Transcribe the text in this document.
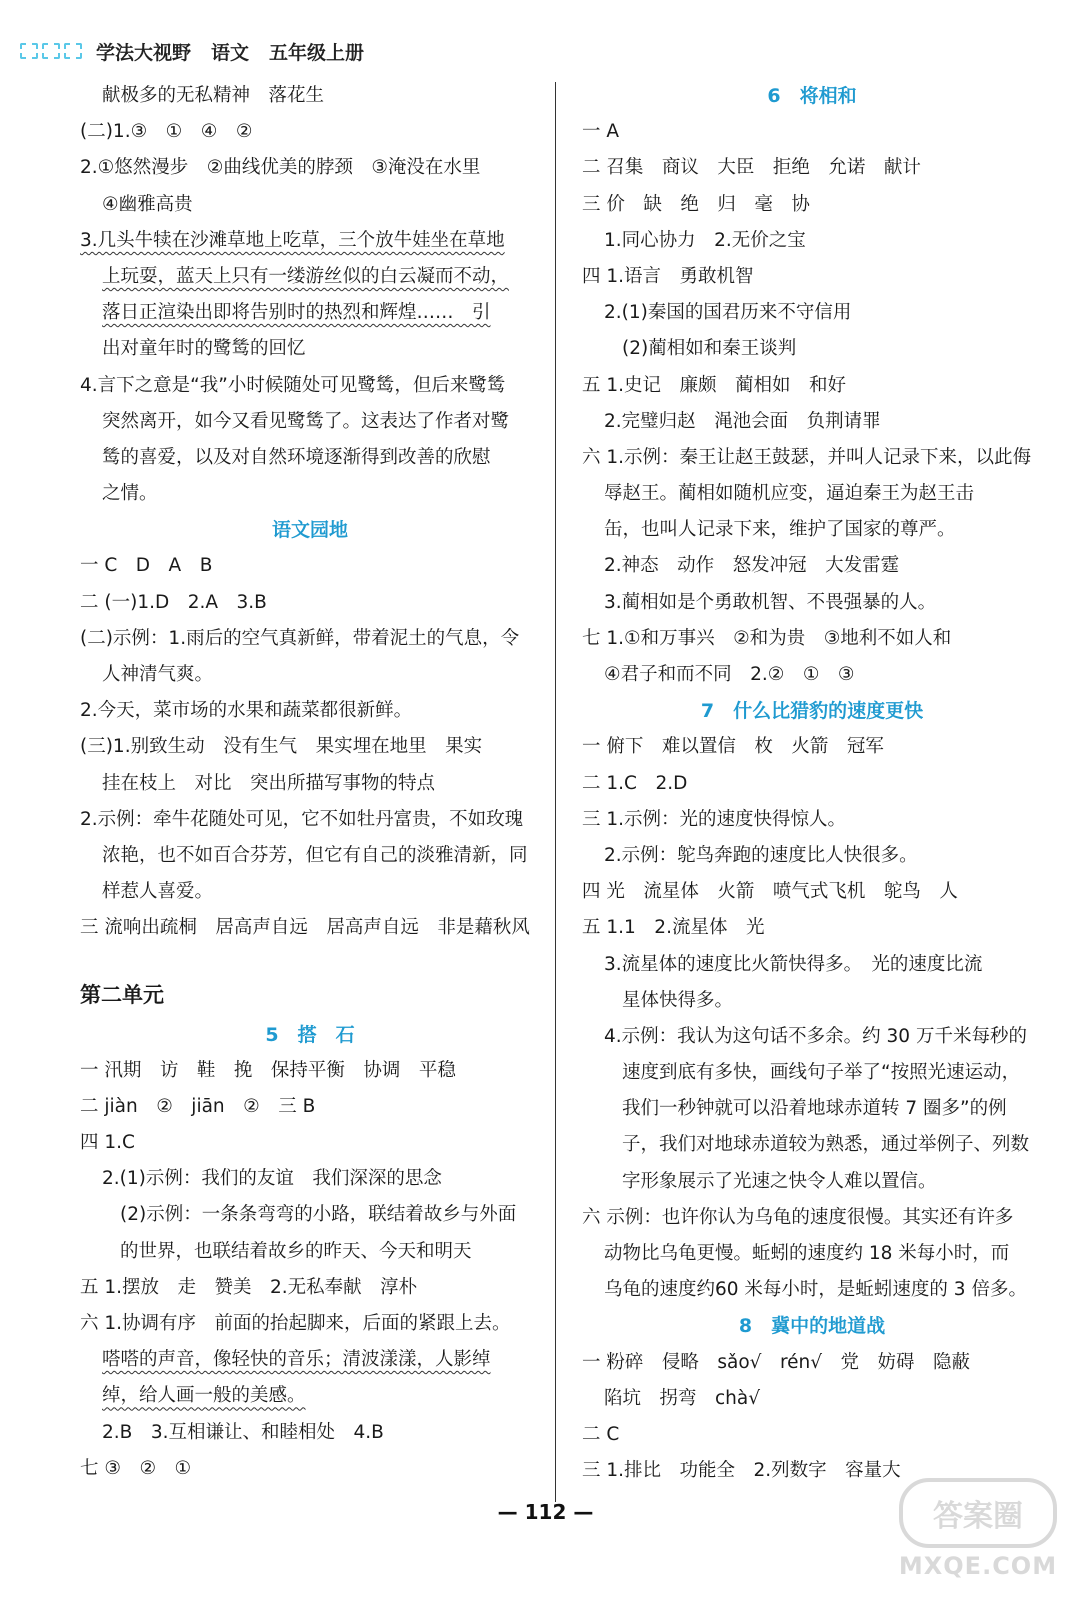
学法大视野 语文 五年级上册
献极多的无私精神　落花生
(二)1.③　①　④　②
2.①悠然漫步　②曲线优美的脖颈　③淹没在水里
④幽雅高贵
3.几头牛犊在沙滩草地上吃草，三个放牛娃坐在草地
上玩耍，蓝天上只有一缕游丝似的白云凝而不动，
落日正渲染出即将告别时的热烈和辉煌……　引
出对童年时的鹭鸶的回忆
4.言下之意是“我”小时候随处可见鹭鸶，但后来鹭鸶
突然离开，如今又看见鹭鸶了。这表达了作者对鹭
鸶的喜爱，以及对自然环境逐渐得到改善的欣慰
之情。
语文园地
一 C　D　A　B
二 (一)1.D　2.A　3.B
(二)示例：1.雨后的空气真新鲜，带着泥土的气息，令
人神清气爽。
2.今天，菜市场的水果和蔬菜都很新鲜。
(三)1.别致生动　没有生气　果实埋在地里　果实
挂在枝上　对比　突出所描写事物的特点
2.示例：牵牛花随处可见，它不如牡丹富贵，不如玫瑰
浓艳，也不如百合芬芳，但它有自己的淡雅清新，同
样惹人喜爱。
三 流响出疏桐　居高声自远　居高声自远　非是藉秋风
第二单元
5　搭　石
一 汛期　访　鞋　挽　保持平衡　协调　平稳
二 jiàn　②　jiān　②　三 B
四 1.C
2.(1)示例：我们的友谊　我们深深的思念
(2)示例：一条条弯弯的小路，联结着故乡与外面
的世界，也联结着故乡的昨天、今天和明天
五 1.摆放　走　赞美　2.无私奉献　淳朴
六 1.协调有序　前面的抬起脚来，后面的紧跟上去。
嗒嗒的声音，像轻快的音乐；清波漾漾，人影绰
绰，给人画一般的美感。
2.B　3.互相谦让、和睦相处　4.B
七 ③　②　①
6　将相和
一 A
二 召集　商议　大臣　拒绝　允诺　献计
三 价　缺　绝　归　毫　协
1.同心协力　2.无价之宝
四 1.语言　勇敢机智
2.(1)秦国的国君历来不守信用
(2)蔺相如和秦王谈判
五 1.史记　廉颇　蔺相如　和好
2.完璧归赵　渑池会面　负荆请罪
六 1.示例：秦王让赵王鼓瑟，并叫人记录下来，以此侮
辱赵王。蔺相如随机应变，逼迫秦王为赵王击
缶，也叫人记录下来，维护了国家的尊严。
2.神态　动作　怒发冲冠　大发雷霆
3.蔺相如是个勇敢机智、不畏强暴的人。
七 1.①和万事兴　②和为贵　③地利不如人和
④君子和而不同　2.②　①　③
7　什么比猎豹的速度更快
一 俯下　难以置信　枚　火箭　冠军
二 1.C　2.D
三 1.示例：光的速度快得惊人。
2.示例：鸵鸟奔跑的速度比人快很多。
四 光　流星体　火箭　喷气式飞机　鸵鸟　人
五 1.1　2.流星体　光
3.流星体的速度比火箭快得多。　光的速度比流
星体快得多。
4.示例：我认为这句话不多余。约 30 万千米每秒的
速度到底有多快，画线句子举了“按照光速运动，
我们一秒钟就可以沿着地球赤道转 7 圈多”的例
子，我们对地球赤道较为熟悉，通过举例子、列数
字形象展示了光速之快令人难以置信。
六 示例：也许你认为乌龟的速度很慢。其实还有许多
动物比乌龟更慢。蚯蚓的速度约 18 米每小时，而
乌龟的速度约60 米每小时，是蚯蚓速度的 3 倍多。
8　冀中的地道战
一 粉碎　侵略　sǎo√　rén√　党　妨碍　隐蔽
陷坑　拐弯　chà√
二 C
三 1.排比　功能全　2.列数字　容量大
— 112 —	答案圈
MXQE.COM
